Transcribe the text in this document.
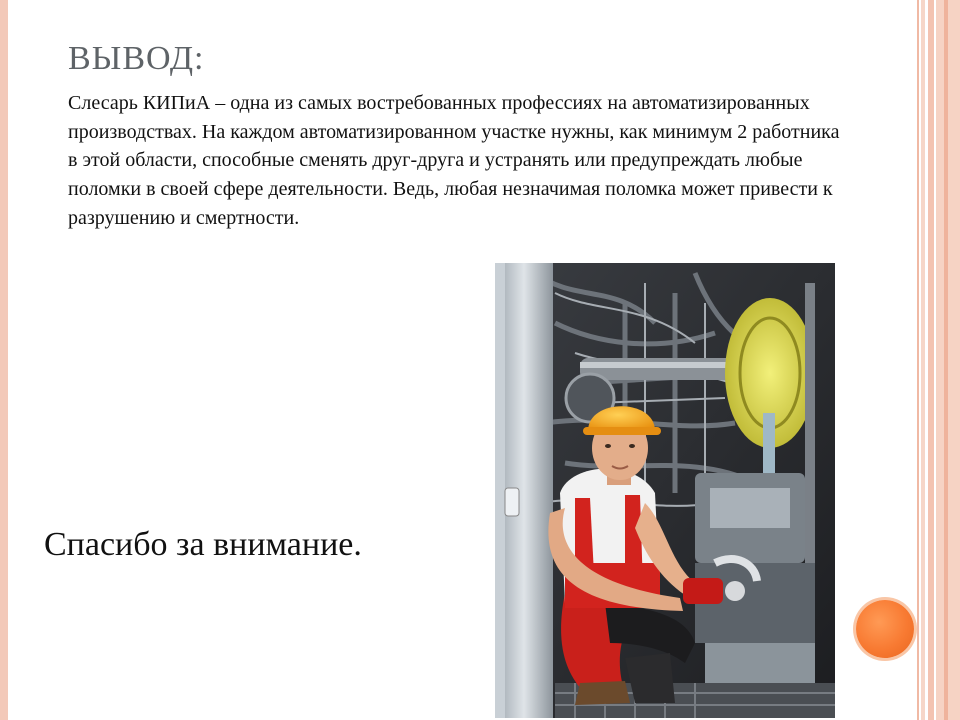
ВЫВОД:

Слесарь КИПиА – одна из самых востребованных профессиях на автоматизированных производствах. На каждом автоматизированном участке нужны, как минимум 2 работника в этой области, способные сменять друг-друга и устранять или предупреждать любые поломки в своей сфере деятельности. Ведь, любая незначимая поломка может привести к разрушению и смертности.

Спасибо за внимание.
